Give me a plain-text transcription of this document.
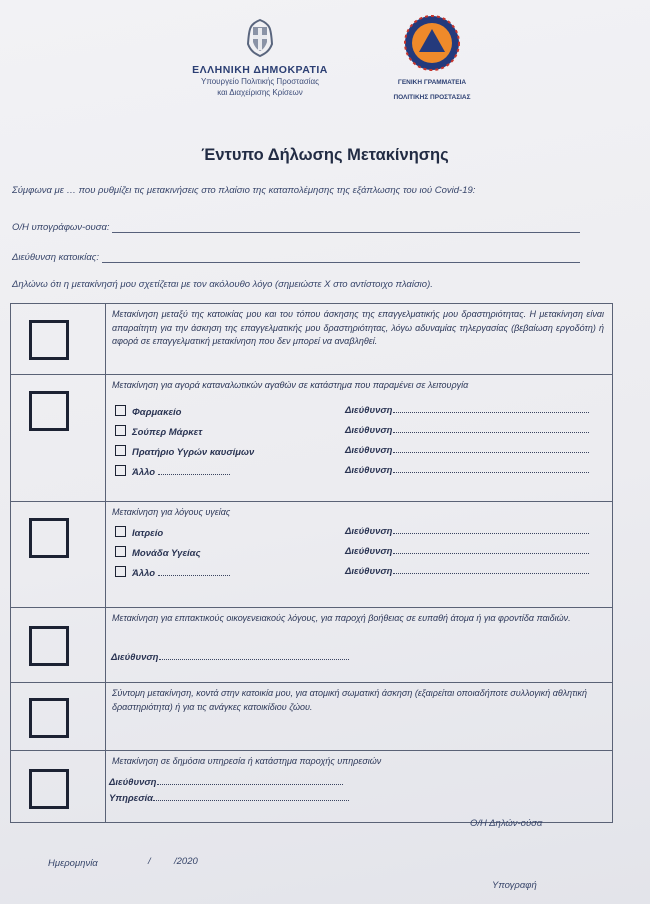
ΕΛΛΗΝΙΚΗ ΔΗΜΟΚΡΑΤΙΑ
Υπουργείο Πολιτικής Προστασίας
και Διαχείρισης Κρίσεων
ΓΕΝΙΚΗ ΓΡΑΜΜΑΤΕΙΑ
ΠΟΛΙΤΙΚΗΣ ΠΡΟΣΤΑΣΙΑΣ
Έντυπο Δήλωσης Μετακίνησης
Σύμφωνα με … που ρυθμίζει τις μετακινήσεις στο πλαίσιο της καταπολέμησης της εξάπλωσης του ιού Covid-19:
Ο/Η υπογράφων-ουσα:
Διεύθυνση κατοικίας:
Δηλώνω ότι η μετακίνησή μου σχετίζεται με τον ακόλουθο λόγο (σημειώστε Χ στο αντίστοιχο πλαίσιο).
Μετακίνηση μεταξύ της κατοικίας μου και του τόπου άσκησης της επαγγελματικής μου δραστηριότητας. Η μετακίνηση είναι απαραίτητη για την άσκηση της επαγγελματικής μου δραστηριότητας, λόγω αδυναμίας τηλεργασίας (βεβαίωση εργοδότη) ή αφορά σε επαγγελματική μετακίνηση που δεν μπορεί να αναβληθεί.
Μετακίνηση για αγορά καταναλωτικών αγαθών σε κατάστημα που παραμένει σε λειτουργία
Φαρμακείο	Διεύθυνση
Σούπερ Μάρκετ	Διεύθυνση
Πρατήριο Υγρών καυσίμων	Διεύθυνση
Άλλο	Διεύθυνση
Μετακίνηση για λόγους υγείας
Ιατρείο	Διεύθυνση
Μονάδα Υγείας	Διεύθυνση
Άλλο	Διεύθυνση
Μετακίνηση για επιτακτικούς οικογενειακούς λόγους, για παροχή βοήθειας σε ευπαθή άτομα ή για φροντίδα παιδιών.
Διεύθυνση
Σύντομη μετακίνηση, κοντά στην κατοικία μου, για ατομική σωματική άσκηση (εξαιρείται οποιαδήποτε συλλογική αθλητική δραστηριότητα) ή για τις ανάγκες κατοικίδιου ζώου.
Μετακίνηση σε δημόσια υπηρεσία ή κατάστημα παροχής υπηρεσιών
Διεύθυνση
Υπηρεσία
Ο/Η Δηλών-ούσα
Ημερομηνία	/ /2020
Υπογραφή
